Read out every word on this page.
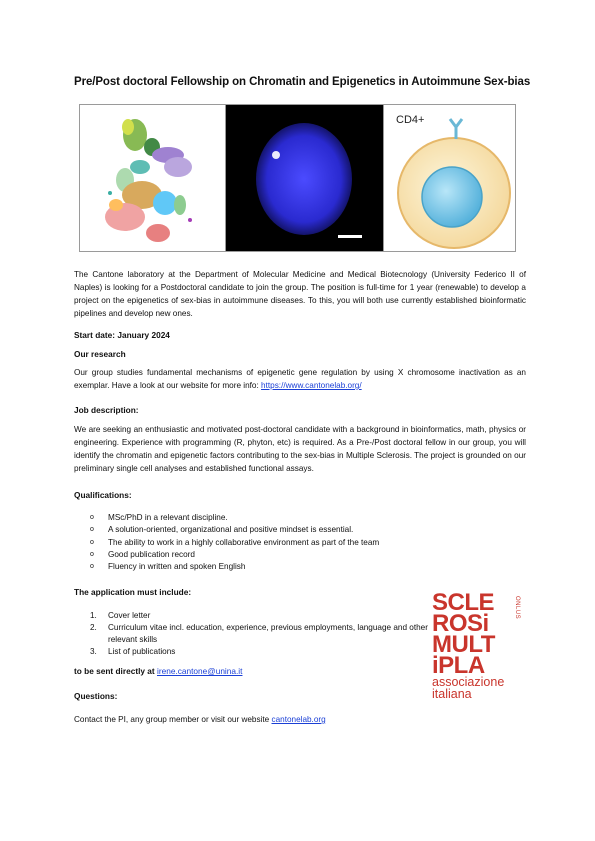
Pre/Post doctoral Fellowship on Chromatin and Epigenetics in Autoimmune Sex-bias
CD4+
The Cantone laboratory at the Department of Molecular Medicine and Medical Biotecnology (University Federico II of Naples) is looking for a Postdoctoral candidate to join the group. The position is full-time for 1 year (renewable) to develop a project on the epigenetics of sex-bias in autoimmune diseases. To this, you will both use currently established bioinformatic pipelines and develop new ones.
Start date: January 2024
Our research
Our group studies fundamental mechanisms of epigenetic gene regulation by using X chromosome inactivation as an exemplar. Have a look at our website for more info: https://www.cantonelab.org/
Job description:
We are seeking an enthusiastic and motivated post-doctoral candidate with a background in bioinformatics, math, physics or engineering. Experience with programming (R, phyton, etc) is required. As a Pre-/Post doctoral fellow in our group, you will identify the chromatin and epigenetic factors contributing to the sex-bias in Multiple Sclerosis. The project is grounded on our preliminary single cell analyses and established functional assays.
Qualifications:
o MSc/PhD in a relevant discipline.
o A solution-oriented, organizational and positive mindset is essential.
o The ability to work in a highly collaborative environment as part of the team
o Good publication record
o Fluency in written and spoken English
The application must include:
1. Cover letter
2. Curriculum vitae incl. education, experience, previous employments, language and other relevant skills
3. List of publications
to be sent directly at irene.cantone@unina.it
Questions:
Contact the PI, any group member or visit our website cantonelab.org
SCLE
ROSi
MULT
iPLA
associazione
italiana
ONLUS
